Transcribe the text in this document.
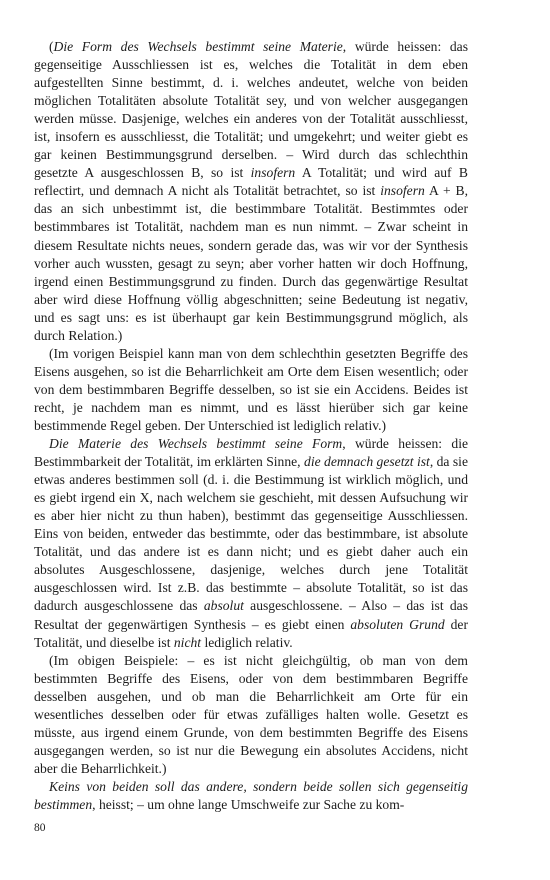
(Die Form des Wechsels bestimmt seine Materie, würde heissen: das gegenseitige Ausschliessen ist es, welches die Totalität in dem eben aufgestellten Sinne bestimmt, d. i. welches andeutet, welche von beiden möglichen Totalitäten absolute Totalität sey, und von welcher ausgegangen werden müsse. Dasjenige, welches ein anderes von der Totalität ausschliesst, ist, insofern es ausschliesst, die Totalität; und umgekehrt; und weiter giebt es gar keinen Bestimmungsgrund derselben. – Wird durch das schlechthin gesetzte A ausgeschlossen B, so ist insofern A Totalität; und wird auf B reflectirt, und demnach A nicht als Totalität betrachtet, so ist insofern A + B, das an sich unbestimmt ist, die bestimmbare Totalität. Bestimmtes oder bestimmbares ist Totalität, nachdem man es nun nimmt. – Zwar scheint in diesem Resultate nichts neues, sondern gerade das, was wir vor der Synthesis vorher auch wussten, gesagt zu seyn; aber vorher hatten wir doch Hoffnung, irgend einen Bestimmungsgrund zu finden. Durch das gegenwärtige Resultat aber wird diese Hoffnung völlig abgeschnitten; seine Bedeutung ist negativ, und es sagt uns: es ist überhaupt gar kein Bestimmungsgrund möglich, als durch Relation.)

(Im vorigen Beispiel kann man von dem schlechthin gesetzten Begriffe des Eisens ausgehen, so ist die Beharrlichkeit am Orte dem Eisen wesentlich; oder von dem bestimmbaren Begriffe desselben, so ist sie ein Accidens. Beides ist recht, je nachdem man es nimmt, und es lässt hierüber sich gar keine bestimmende Regel geben. Der Unterschied ist lediglich relativ.)

Die Materie des Wechsels bestimmt seine Form, würde heissen: die Bestimmbarkeit der Totalität, im erklärten Sinne, die demnach gesetzt ist, da sie etwas anderes bestimmen soll (d. i. die Bestimmung ist wirklich möglich, und es giebt irgend ein X, nach welchem sie geschieht, mit dessen Aufsuchung wir es aber hier nicht zu thun haben), bestimmt das gegenseitige Ausschliessen. Eins von beiden, entweder das bestimmte, oder das bestimmbare, ist absolute Totalität, und das andere ist es dann nicht; und es giebt daher auch ein absolutes Ausgeschlossene, dasjenige, welches durch jene Totalität ausgeschlossen wird. Ist z.B. das bestimmte – absolute Totalität, so ist das dadurch ausgeschlossene das absolut ausgeschlossene. – Also – das ist das Resultat der gegenwärtigen Synthesis – es giebt einen absoluten Grund der Totalität, und dieselbe ist nicht lediglich relativ.

(Im obigen Beispiele: – es ist nicht gleichgültig, ob man von dem bestimmten Begriffe des Eisens, oder von dem bestimmbaren Begriffe desselben ausgehen, und ob man die Beharrlichkeit am Orte für ein wesentliches desselben oder für etwas zufälliges halten wolle. Gesetzt es müsste, aus irgend einem Grunde, von dem bestimmten Begriffe des Eisens ausgegangen werden, so ist nur die Bewegung ein absolutes Accidens, nicht aber die Beharrlichkeit.)

Keins von beiden soll das andere, sondern beide sollen sich gegenseitig bestimmen, heisst; – um ohne lange Umschweife zur Sache zu kom-

80
